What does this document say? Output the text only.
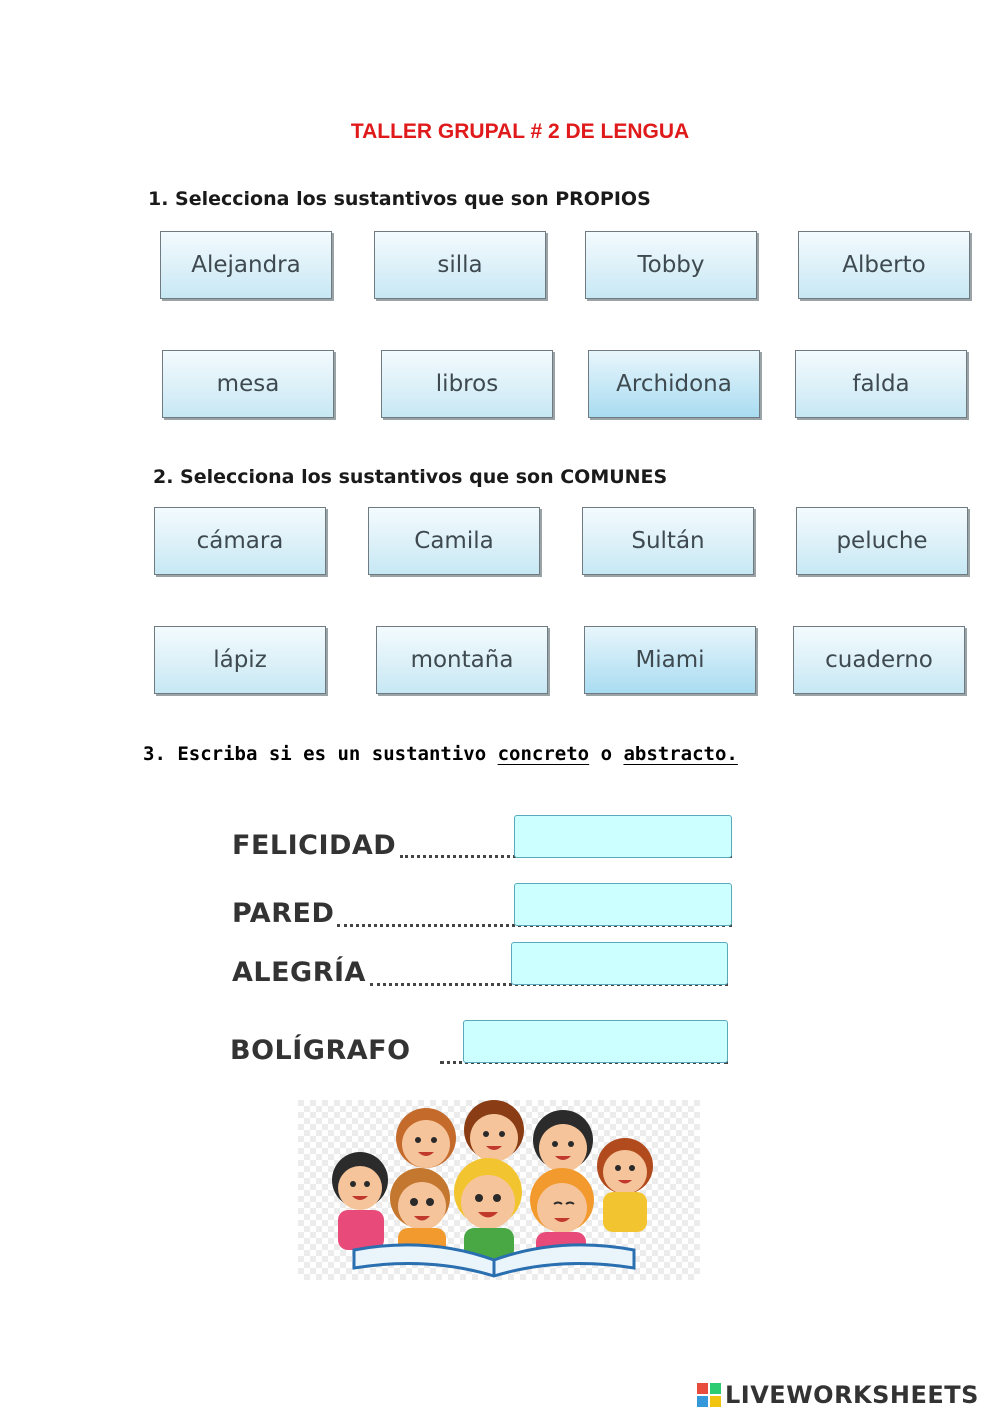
TALLER GRUPAL # 2 DE LENGUA
1. Selecciona los sustantivos que son PROPIOS
Alejandra	silla	Tobby	Alberto
mesa	libros	Archidona	falda
2. Selecciona los sustantivos que son COMUNES
cámara	Camila	Sultán	peluche
lápiz	montaña	Miami	cuaderno
3. Escriba si es un sustantivo concreto o abstracto.
FELICIDAD
PARED
ALEGRÍA
BOLÍGRAFO
LIVEWORKSHEETS
